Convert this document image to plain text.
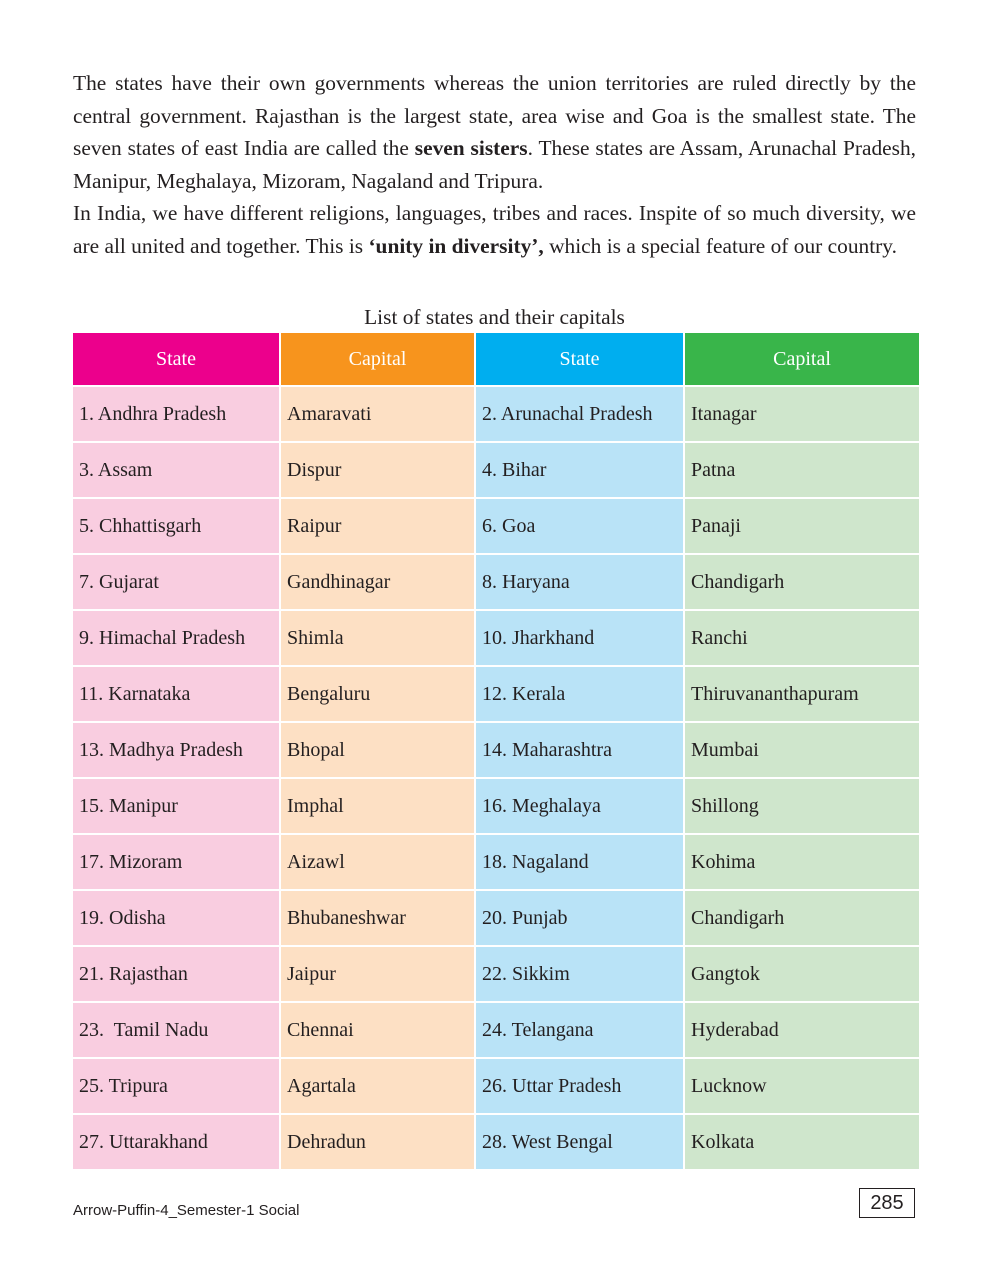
The states have their own governments whereas the union territories are ruled directly by the central government. Rajasthan is the largest state, area wise and Goa is the smallest state. The seven states of east India are called the seven sisters. These states are Assam, Arunachal Pradesh, Manipur, Meghalaya, Mizoram, Nagaland and Tripura.

In India, we have different religions, languages, tribes and races. Inspite of so much diversity, we are all united and together. This is ‘unity in diversity’, which is a special feature of our country.

List of states and their capitals
State	Capital	State	Capital
1. Andhra Pradesh	Amaravati	2. Arunachal Pradesh	Itanagar
3. Assam	Dispur	4. Bihar	Patna
5. Chhattisgarh	Raipur	6. Goa	Panaji
7. Gujarat	Gandhinagar	8. Haryana	Chandigarh
9. Himachal Pradesh	Shimla	10. Jharkhand	Ranchi
11. Karnataka	Bengaluru	12. Kerala	Thiruvananthapuram
13. Madhya Pradesh	Bhopal	14. Maharashtra	Mumbai
15. Manipur	Imphal	16. Meghalaya	Shillong
17. Mizoram	Aizawl	18. Nagaland	Kohima
19. Odisha	Bhubaneshwar	20. Punjab	Chandigarh
21. Rajasthan	Jaipur	22. Sikkim	Gangtok
23.  Tamil Nadu	Chennai	24. Telangana	Hyderabad
25. Tripura	Agartala	26. Uttar Pradesh	Lucknow
27. Uttarakhand	Dehradun	28. West Bengal	Kolkata
Arrow-Puffin-4_Semester-1 Social	285
